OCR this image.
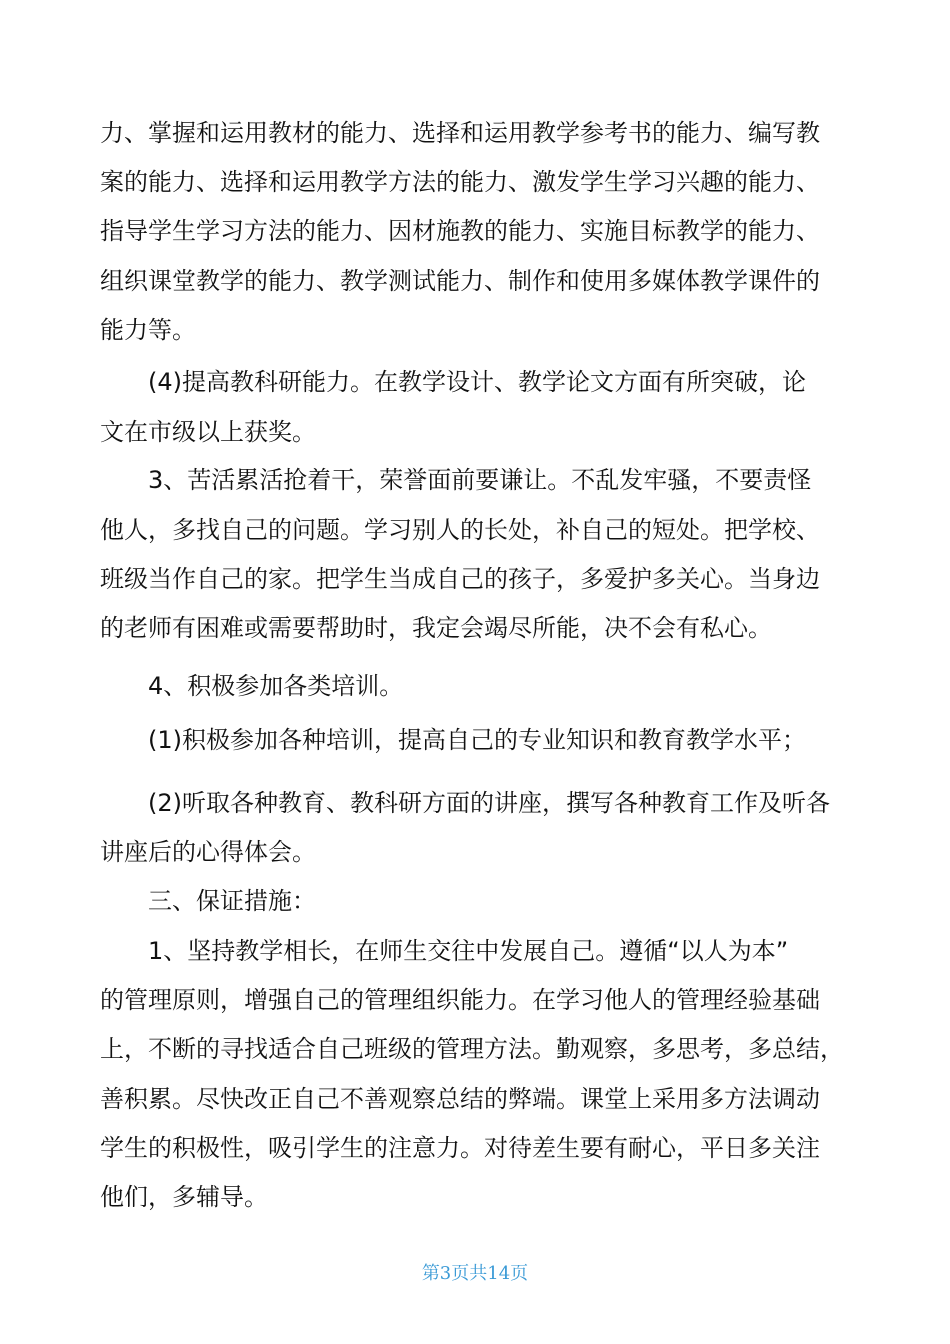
力、掌握和运用教材的能力、选择和运用教学参考书的能力、编写教
案的能力、选择和运用教学方法的能力、激发学生学习兴趣的能力、
指导学生学习方法的能力、因材施教的能力、实施目标教学的能力、
组织课堂教学的能力、教学测试能力、制作和使用多媒体教学课件的
能力等。
(4)提高教科研能力。在教学设计、教学论文方面有所突破，论
文在市级以上获奖。
3、苦活累活抢着干，荣誉面前要谦让。不乱发牢骚，不要责怪
他人，多找自己的问题。学习别人的长处，补自己的短处。把学校、
班级当作自己的家。把学生当成自己的孩子，多爱护多关心。当身边
的老师有困难或需要帮助时，我定会竭尽所能，决不会有私心。
4、积极参加各类培训。
(1)积极参加各种培训，提高自己的专业知识和教育教学水平；
(2)听取各种教育、教科研方面的讲座，撰写各种教育工作及听各
讲座后的心得体会。
三、保证措施：
1、坚持教学相长，在师生交往中发展自己。遵循“以人为本”
的管理原则，增强自己的管理组织能力。在学习他人的管理经验基础
上，不断的寻找适合自己班级的管理方法。勤观察，多思考，多总结，
善积累。尽快改正自己不善观察总结的弊端。课堂上采用多方法调动
学生的积极性，吸引学生的注意力。对待差生要有耐心，平日多关注
他们，多辅导。
第3页共14页
